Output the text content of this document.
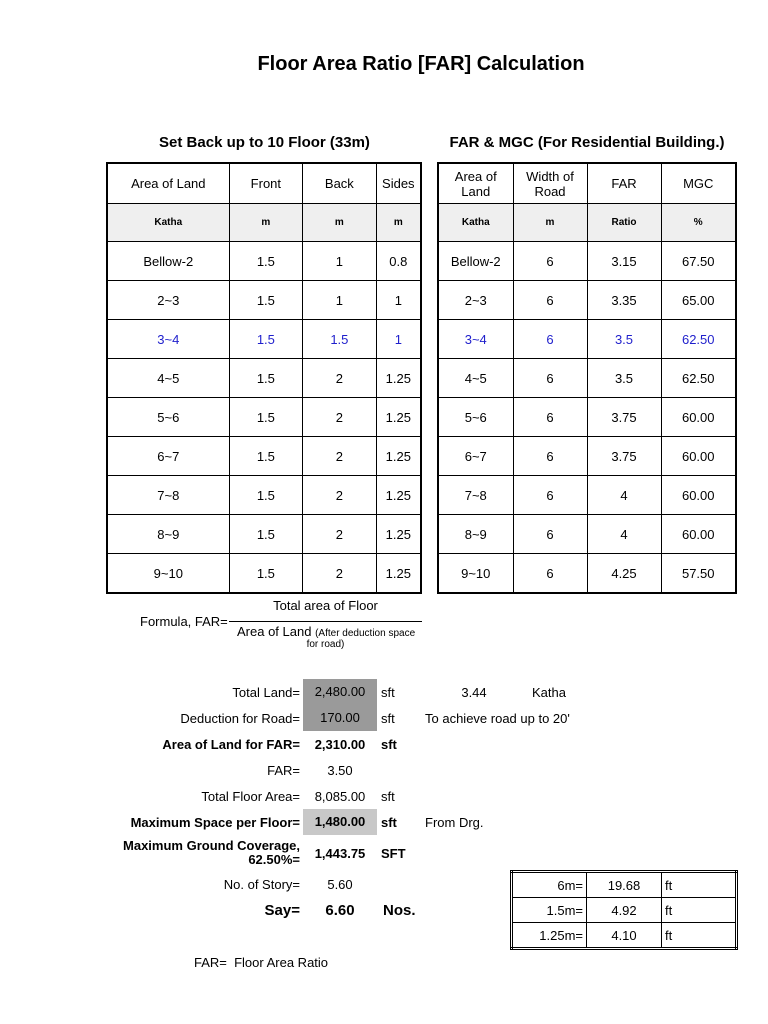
Floor Area Ratio [FAR] Calculation
Set Back up to 10 Floor (33m)
Area of Land	Front	Back	Sides
Katha	m	m	m
Bellow-2	1.5	1	0.8
2~3	1.5	1	1
3~4	1.5	1.5	1
4~5	1.5	2	1.25
5~6	1.5	2	1.25
6~7	1.5	2	1.25
7~8	1.5	2	1.25
8~9	1.5	2	1.25
9~10	1.5	2	1.25
FAR & MGC (For Residential Building.)
Area of Land	Width of Road	FAR	MGC
Katha	m	Ratio	%
Bellow-2	6	3.15	67.50
2~3	6	3.35	65.00
3~4	6	3.5	62.50
4~5	6	3.5	62.50
5~6	6	3.75	60.00
6~7	6	3.75	60.00
7~8	6	4	60.00
8~9	6	4	60.00
9~10	6	4.25	57.50
Formula, FAR=
Total area of Floor
Area of Land (After deduction space
for road)
Total Land=	2,480.00	sft	3.44	Katha
Deduction for Road=	170.00	sft To achieve road up to 20'
Area of Land for FAR=	2,310.00	sft
FAR=	3.50
Total Floor Area=	8,085.00	sft
Maximum Space per Floor=	1,480.00	sft From Drg.
Maximum Ground Coverage,
62.50%=	1,443.75	SFT
No. of Story=	5.60
Say=	6.60	Nos.
6m=	19.68	ft
1.5m=	4.92	ft
1.25m=	4.10	ft
FAR=  Floor Area Ratio
